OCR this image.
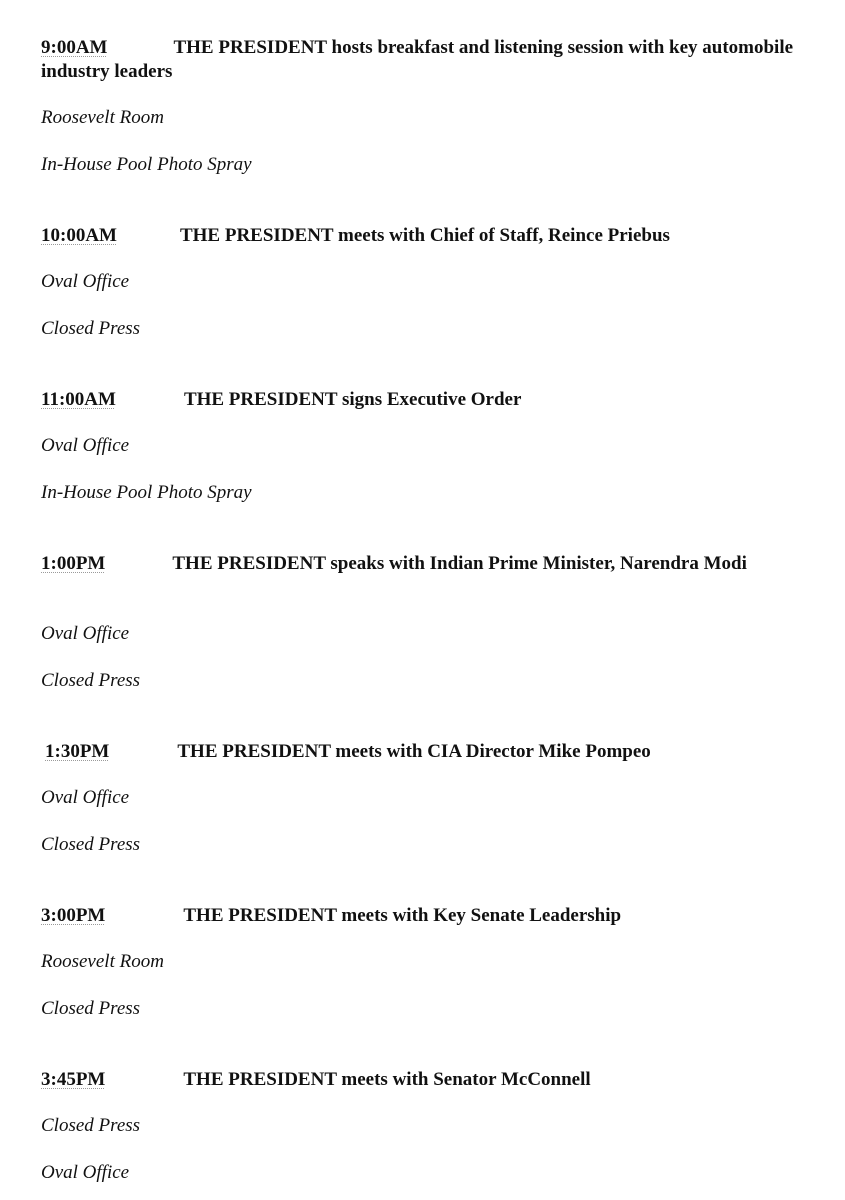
9:00AM	THE PRESIDENT hosts breakfast and listening session with key automobile industry leaders

Roosevelt Room

In-House Pool Photo Spray

10:00AM	THE PRESIDENT meets with Chief of Staff, Reince Priebus

Oval Office

Closed Press

11:00AM	THE PRESIDENT signs Executive Order

Oval Office

In-House Pool Photo Spray

1:00PM	THE PRESIDENT speaks with Indian Prime Minister, Narendra Modi

Oval Office

Closed Press

1:30PM	THE PRESIDENT meets with CIA Director Mike Pompeo

Oval Office

Closed Press

3:00PM	THE PRESIDENT meets with Key Senate Leadership

Roosevelt Room

Closed Press

3:45PM	THE PRESIDENT meets with Senator McConnell

Closed Press

Oval Office
